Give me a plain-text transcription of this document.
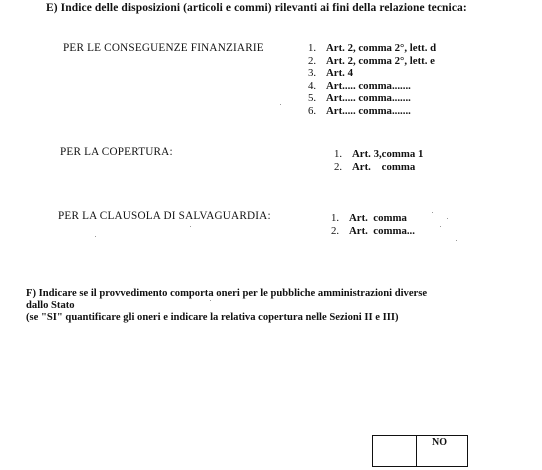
E) Indice delle disposizioni (articoli e commi) rilevanti ai fini della relazione tecnica:
PER LE CONSEGUENZE FINANZIARIE	1. Art. 2, comma 2°, lett. d
2. Art. 2, comma 2°, lett. e
3. Art. 4
4. Art..... comma.......
5. Art..... comma.......
6. Art..... comma.......
PER LA COPERTURA:	1. Art. 3,comma 1
2. Art.    comma
PER LA CLAUSOLA DI SALVAGUARDIA:	1. Art.  comma
2. Art.  comma...
F) Indicare se il provvedimento comporta oneri per le pubbliche amministrazioni diverse
dallo Stato
(se "SI" quantificare gli oneri e indicare la relativa copertura nelle Sezioni II e III)
NO
